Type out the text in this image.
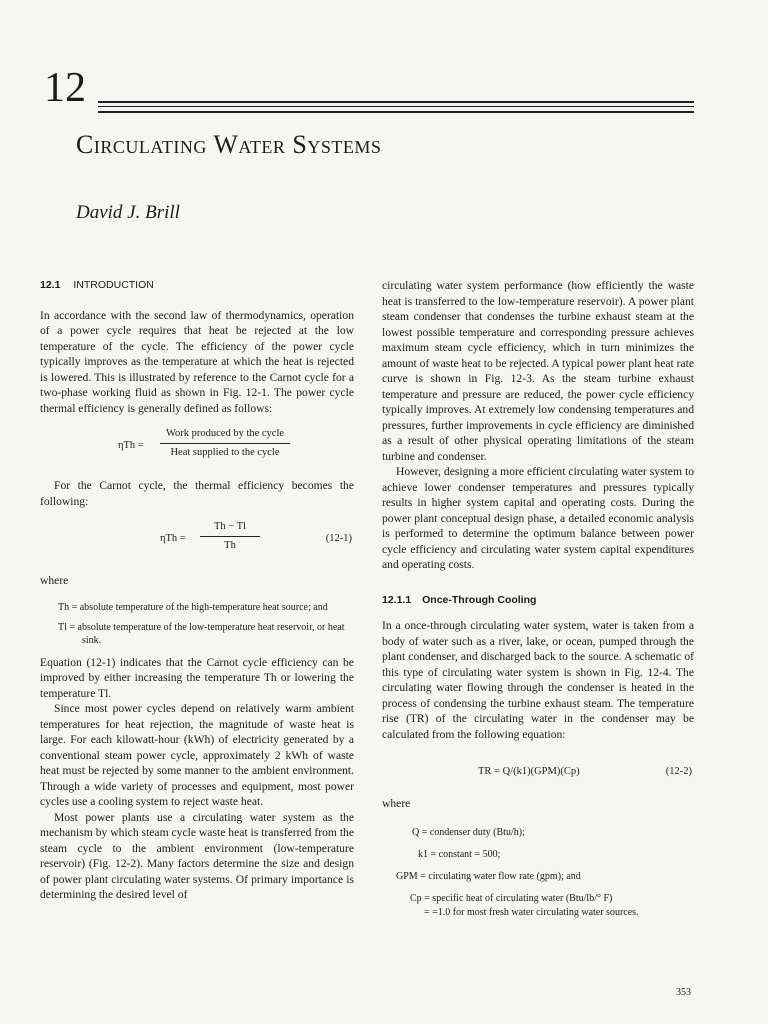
12
Circulating Water Systems
David J. Brill
12.1 INTRODUCTION

In accordance with the second law of thermodynamics, operation of a power cycle requires that heat be rejected at the low temperature of the cycle. The efficiency of the power cycle typically improves as the temperature at which the heat is rejected is lowered. This is illustrated by reference to the Carnot cycle for a two-phase working fluid as shown in Fig. 12-1. The power cycle thermal efficiency is generally defined as follows:

ηTh =
Work produced by the cycle
Heat supplied to the cycle

For the Carnot cycle, the thermal efficiency becomes the following:

ηTh =
Th − Tl
Th
(12-1)
where
Th = absolute temperature of the high-temperature heat source; and
Tl = absolute temperature of the low-temperature heat reservoir, or heat sink.

Equation (12-1) indicates that the Carnot cycle efficiency can be improved by either increasing the temperature Th or lowering the temperature Tl.

Since most power cycles depend on relatively warm ambient temperatures for heat rejection, the magnitude of waste heat is large. For each kilowatt-hour (kWh) of electricity generated by a conventional steam power cycle, approximately 2 kWh of waste heat must be rejected by some manner to the ambient environment. Through a wide variety of processes and equipment, most power cycles use a cooling system to reject waste heat.

Most power plants use a circulating water system as the mechanism by which steam cycle waste heat is transferred from the steam cycle to the ambient environment (low-temperature reservoir) (Fig. 12-2). Many factors determine the size and design of power plant circulating water systems. Of primary importance is determining the desired level of

circulating water system performance (how efficiently the waste heat is transferred to the low-temperature reservoir). A power plant steam condenser that condenses the turbine exhaust steam at the lowest possible temperature and corresponding pressure achieves maximum steam cycle efficiency, which in turn minimizes the amount of waste heat to be rejected. A typical power plant heat rate curve is shown in Fig. 12-3. As the steam turbine exhaust temperature and pressure are reduced, the power cycle efficiency typically improves. At extremely low condensing temperatures and pressures, further improvements in cycle efficiency are diminished as a result of other physical operating limitations of the steam turbine and condenser.

However, designing a more efficient circulating water system to achieve lower condenser temperatures and pressures typically results in higher system capital and operating costs. During the power plant conceptual design phase, a detailed economic analysis is performed to determine the optimum balance between power cycle efficiency and circulating water system capital expenditures and operating costs.

12.1.1 Once-Through Cooling

In a once-through circulating water system, water is taken from a body of water such as a river, lake, or ocean, pumped through the plant condenser, and discharged back to the source. A schematic of this type of circulating water system is shown in Fig. 12-4. The circulating water flowing through the condenser is heated in the process of condensing the turbine exhaust steam. The temperature rise (TR) of the circulating water in the condenser may be calculated from the following equation:

TR = Q/(k1)(GPM)(Cp)	(12-2)
where
Q = condenser duty (Btu/h);
k1 = constant = 500;
GPM = circulating water flow rate (gpm); and
Cp = specific heat of circulating water (Btu/lb/° F)
= =1.0 for most fresh water circulating water sources.
353
